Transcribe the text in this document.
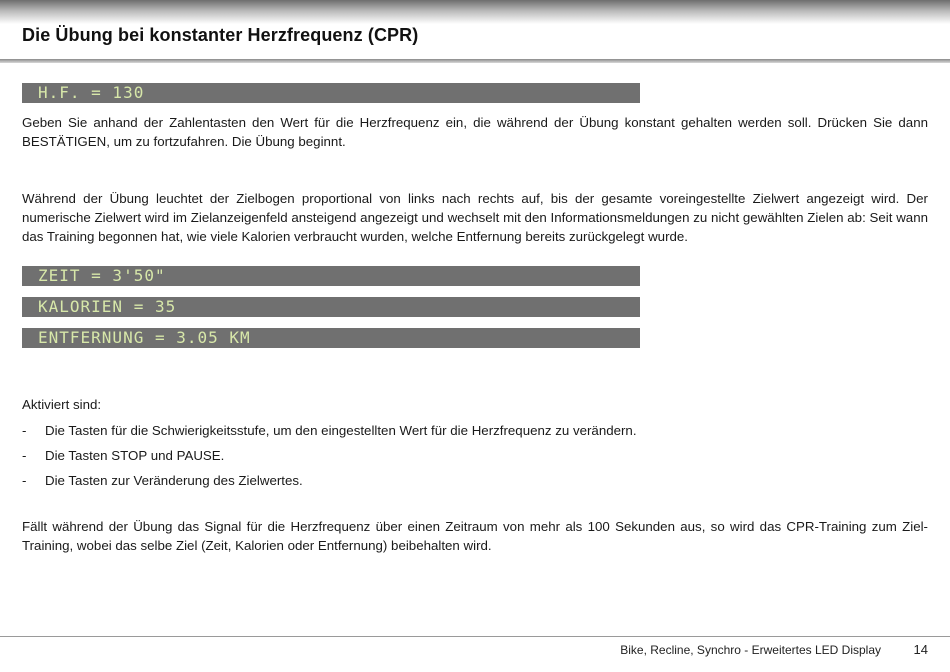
Die Übung bei konstanter Herzfrequenz (CPR)
H.F. = 130

Geben Sie anhand der Zahlentasten den Wert für die Herzfrequenz ein, die während der Übung konstant gehalten werden soll. Drücken Sie dann BESTÄTIGEN, um zu fortzufahren. Die Übung beginnt.

Während der Übung leuchtet der Zielbogen proportional von links nach rechts auf, bis der gesamte voreingestellte Zielwert angezeigt wird. Der numerische Zielwert wird im Zielanzeigenfeld ansteigend angezeigt und wechselt mit den Informationsmeldungen zu nicht gewählten Zielen ab: Seit wann das Training begonnen hat, wie viele Kalorien verbraucht wurden, welche Entfernung bereits zurückgelegt wurde.

ZEIT = 3'50"
KALORIEN = 35
ENTFERNUNG = 3.05 KM

Aktiviert sind:

- Die Tasten für die Schwierigkeitsstufe, um den eingestellten Wert für die Herzfrequenz zu verändern.
- Die Tasten STOP und PAUSE.
- Die Tasten zur Veränderung des Zielwertes.

Fällt während der Übung das Signal für die Herzfrequenz über einen Zeitraum von mehr als 100 Sekunden aus, so wird das CPR-Training zum Ziel-Training, wobei das selbe Ziel (Zeit, Kalorien oder Entfernung) beibehalten wird.

Bike, Recline, Synchro - Erweitertes LED Display	14
